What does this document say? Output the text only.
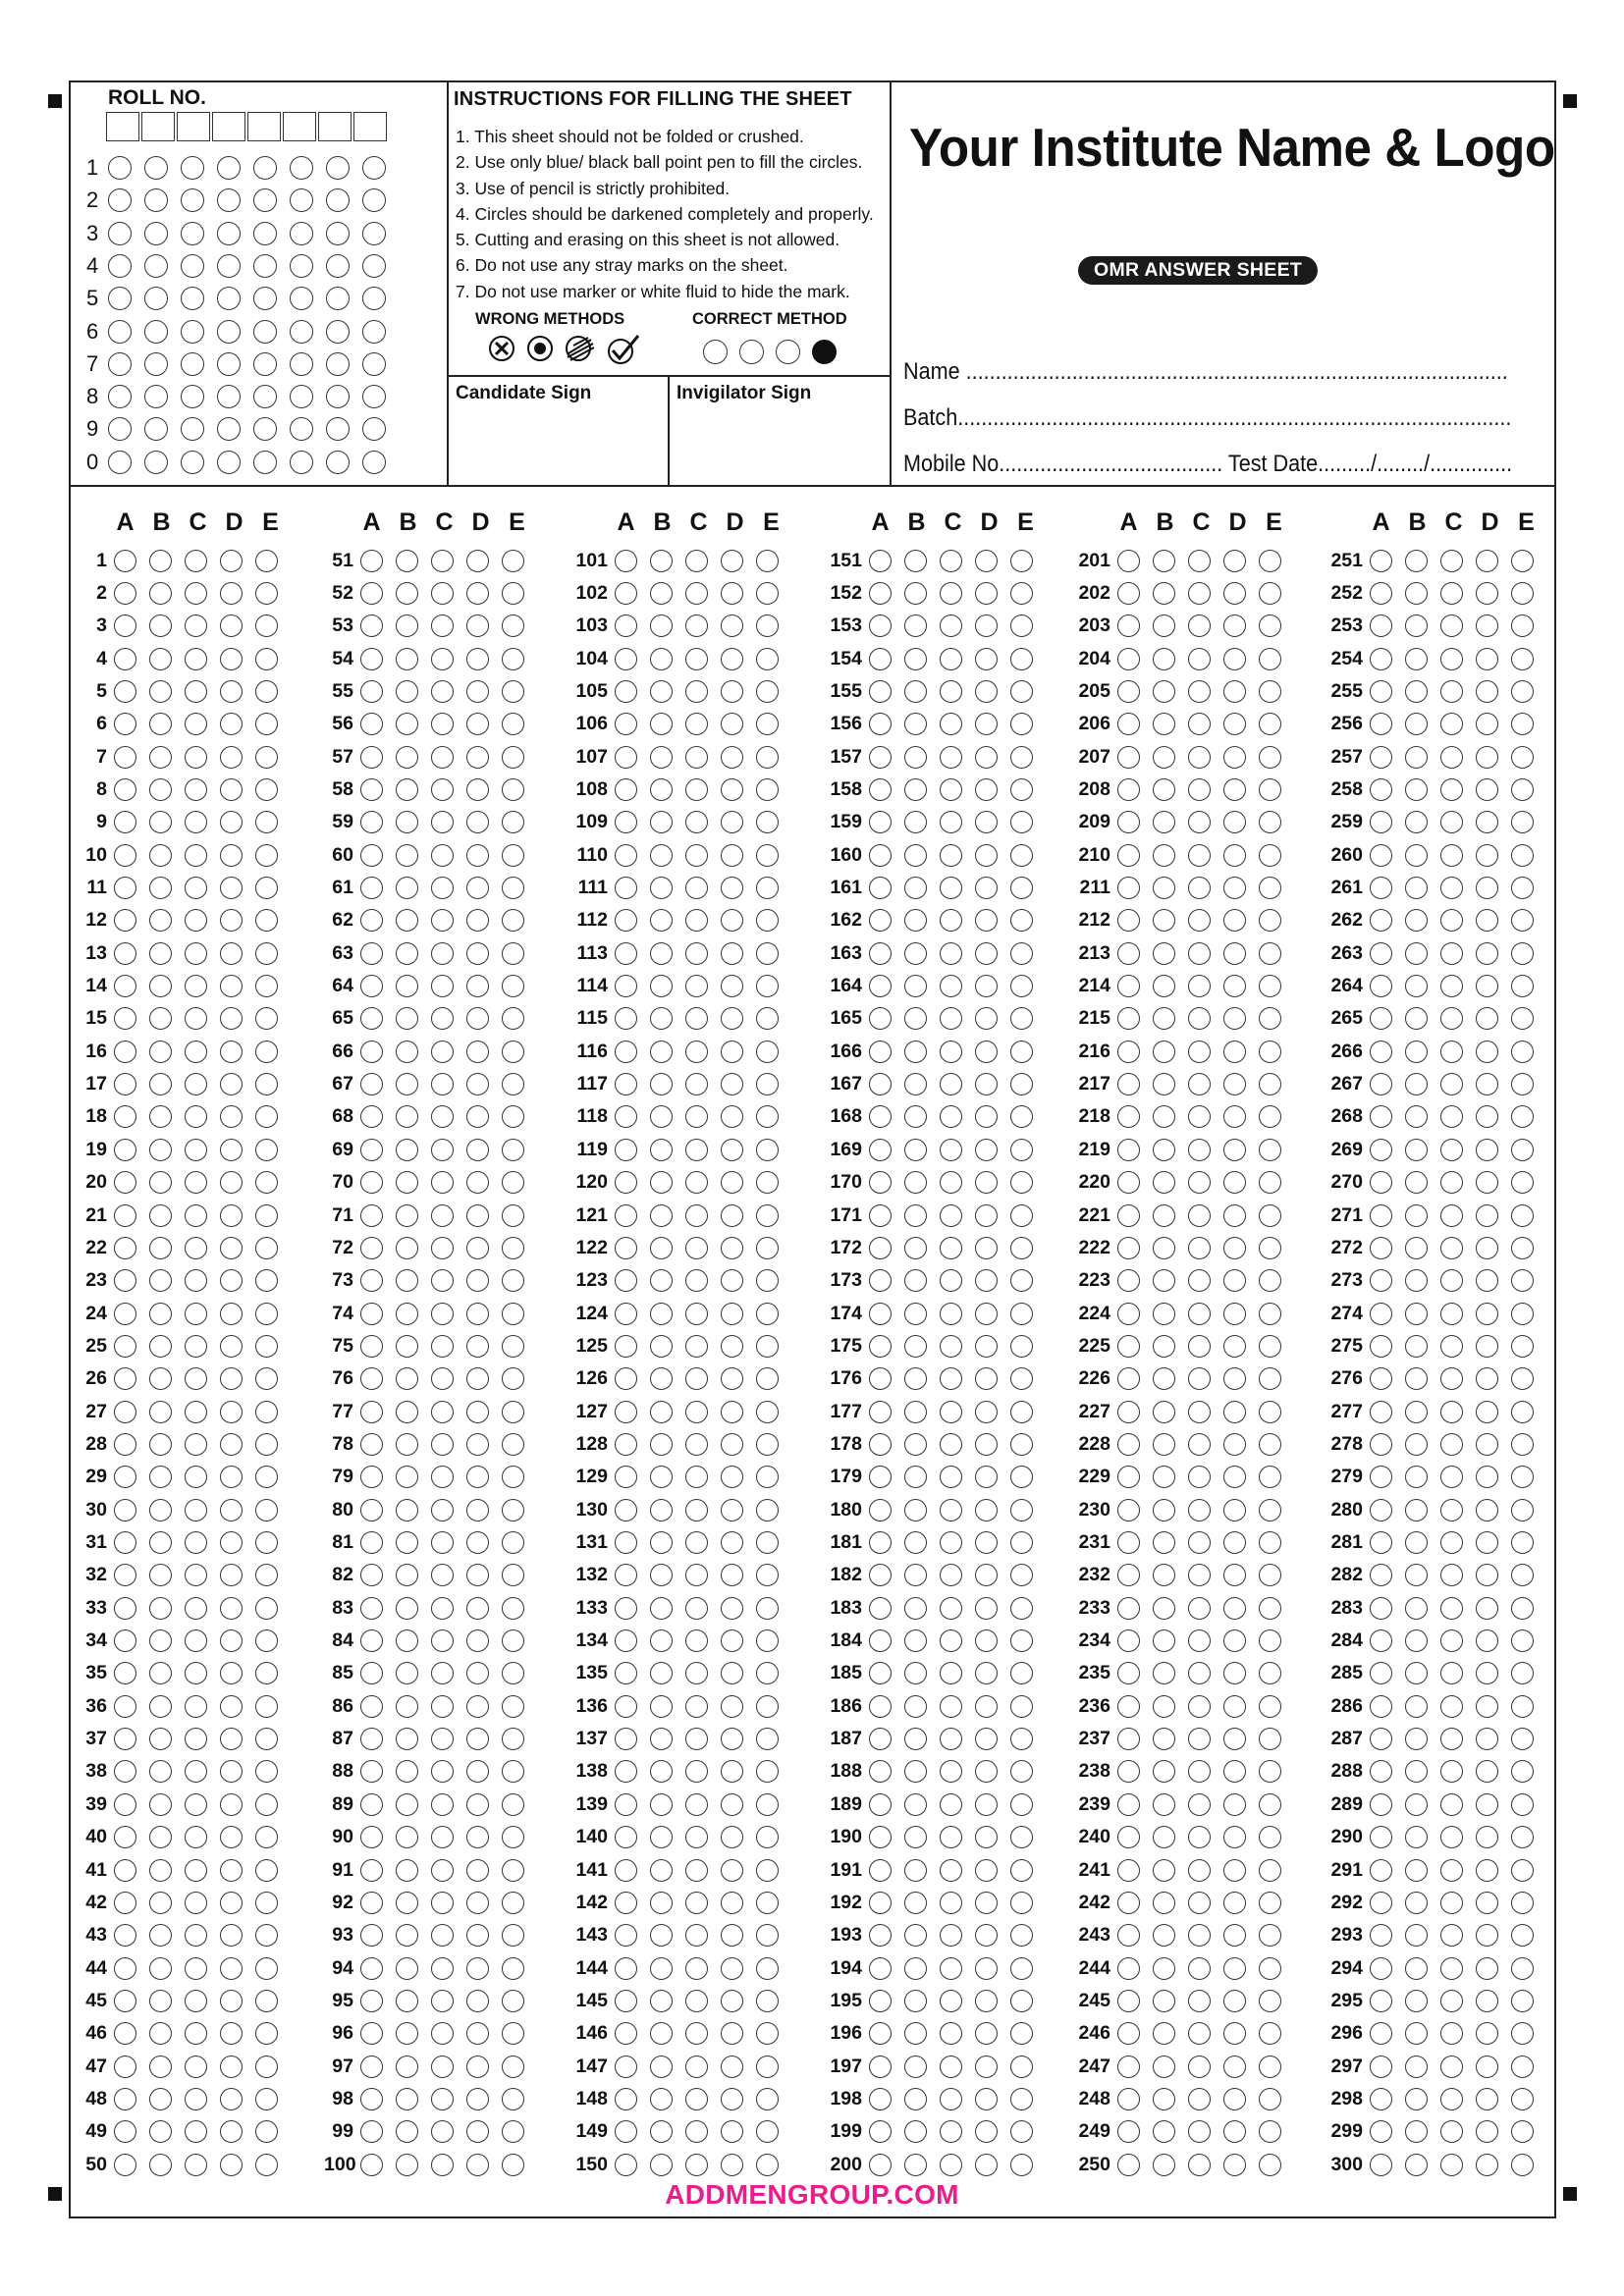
ROLL NO.
1
2
3
4
5
6
7
8
9
0
INSTRUCTIONS FOR FILLING THE SHEET
1. This sheet should not be folded or crushed.
2. Use only blue/ black ball point pen to fill the circles.
3. Use of pencil is strictly prohibited.
4. Circles should be darkened completely and properly.
5. Cutting and erasing on this sheet is not allowed.
6. Do not use any stray marks on the sheet.
7. Do not use marker or white fluid to hide the mark.
WRONG METHODS	CORRECT METHOD
Candidate Sign	Invigilator Sign
Your Institute Name & Logo
OMR ANSWER SHEET
Name ............................................................................................
Batch..............................................................................................
Mobile No...................................... Test Date........./......../..............
A B C D E
1
2
3
4
5
6
7
8
9
10
11
12
13
14
15
16
17
18
19
20
21
22
23
24
25
26
27
28
29
30
31
32
33
34
35
36
37
38
39
40
41
42
43
44
45
46
47
48
49
50
A B C D E
51
52
53
54
55
56
57
58
59
60
61
62
63
64
65
66
67
68
69
70
71
72
73
74
75
76
77
78
79
80
81
82
83
84
85
86
87
88
89
90
91
92
93
94
95
96
97
98
99
100
A B C D E
101
102
103
104
105
106
107
108
109
110
111
112
113
114
115
116
117
118
119
120
121
122
123
124
125
126
127
128
129
130
131
132
133
134
135
136
137
138
139
140
141
142
143
144
145
146
147
148
149
150
A B C D E
151
152
153
154
155
156
157
158
159
160
161
162
163
164
165
166
167
168
169
170
171
172
173
174
175
176
177
178
179
180
181
182
183
184
185
186
187
188
189
190
191
192
193
194
195
196
197
198
199
200
A B C D E
201
202
203
204
205
206
207
208
209
210
211
212
213
214
215
216
217
218
219
220
221
222
223
224
225
226
227
228
229
230
231
232
233
234
235
236
237
238
239
240
241
242
243
244
245
246
247
248
249
250
A B C D E
251
252
253
254
255
256
257
258
259
260
261
262
263
264
265
266
267
268
269
270
271
272
273
274
275
276
277
278
279
280
281
282
283
284
285
286
287
288
289
290
291
292
293
294
295
296
297
298
299
300
ADDMENGROUP.COM
